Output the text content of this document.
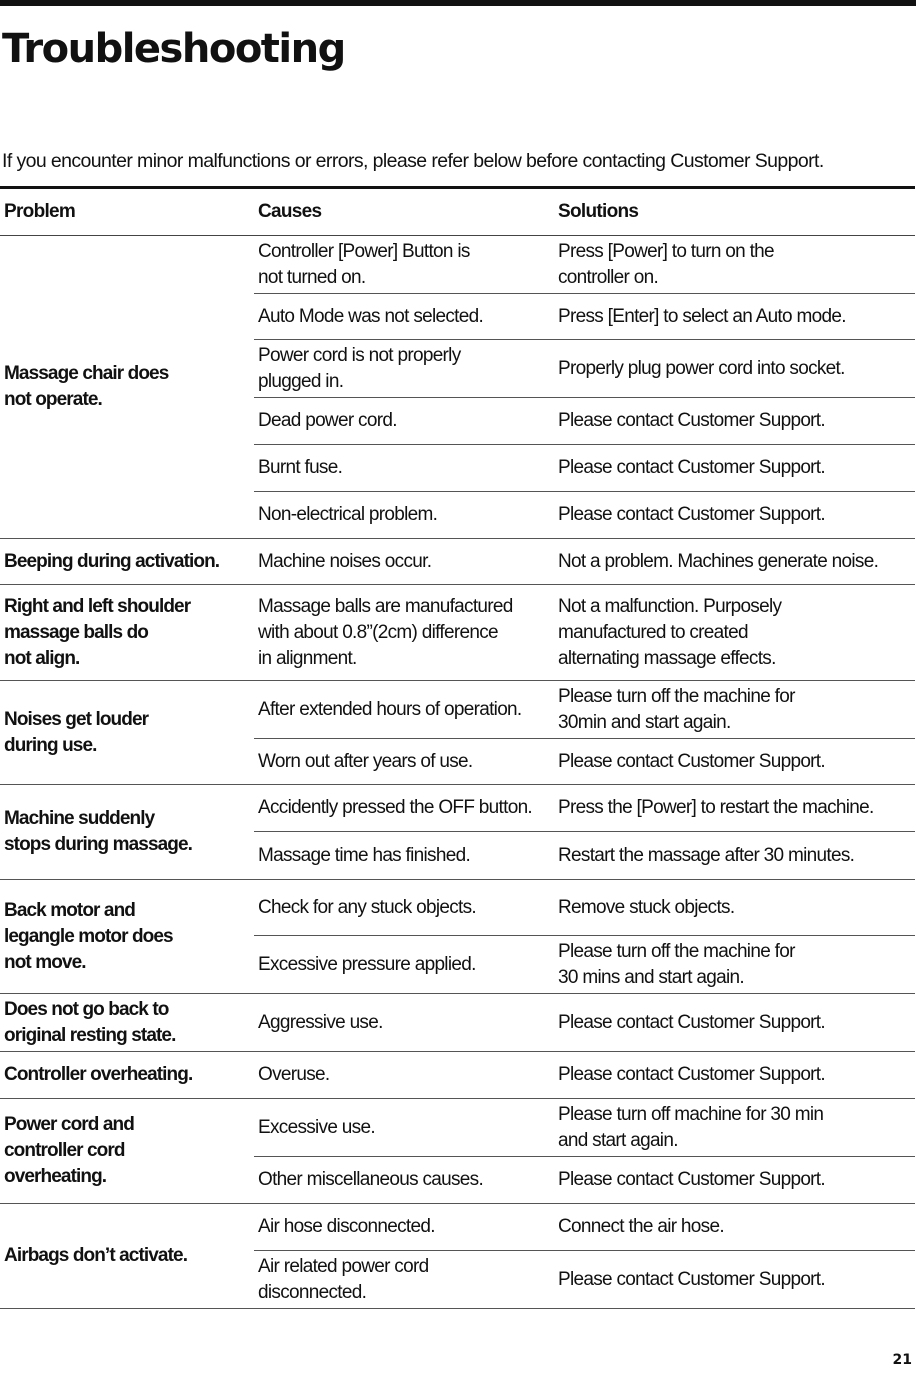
Troubleshooting

If you encounter minor malfunctions or errors, please refer below before contacting Customer Support.

Problem	Causes	Solutions
Massage chair does
not operate.	Controller [Power] Button is
not turned on.	Press [Power] to turn on the
controller on.
	Auto Mode was not selected.	Press [Enter] to select an Auto mode.
	Power cord is not properly
plugged in.	Properly plug power cord into socket.
	Dead power cord.	Please contact Customer Support.
	Burnt fuse.	Please contact Customer Support.
	Non-electrical problem.	Please contact Customer Support.
Beeping during activation.	Machine noises occur.	Not a problem. Machines generate noise.
Right and left shoulder
massage balls do
not align.	Massage balls are manufactured
with about 0.8”(2cm) difference
in alignment.	Not a malfunction. Purposely
manufactured to created
alternating massage effects.
Noises get louder
during use.	After extended hours of operation.	Please turn off the machine for
30min and start again.
	Worn out after years of use.	Please contact Customer Support.
Machine suddenly
stops during massage.	Accidently pressed the OFF button.	Press the [Power] to restart the machine.
	Massage time has finished.	Restart the massage after 30 minutes.
Back motor and
legangle motor does
not move.	Check for any stuck objects.	Remove stuck objects.
	Excessive pressure applied.	Please turn off the machine for
30 mins and start again.
Does not go back to
original resting state.	Aggressive use.	Please contact Customer Support.
Controller overheating.	Overuse.	Please contact Customer Support.
Power cord and
controller cord
overheating.	Excessive use.	Please turn off machine for 30 min
and start again.
	Other miscellaneous causes.	Please contact Customer Support.
Airbags don’t activate.	Air hose disconnected.	Connect the air hose.
	Air related power cord
disconnected.	Please contact Customer Support.

21
